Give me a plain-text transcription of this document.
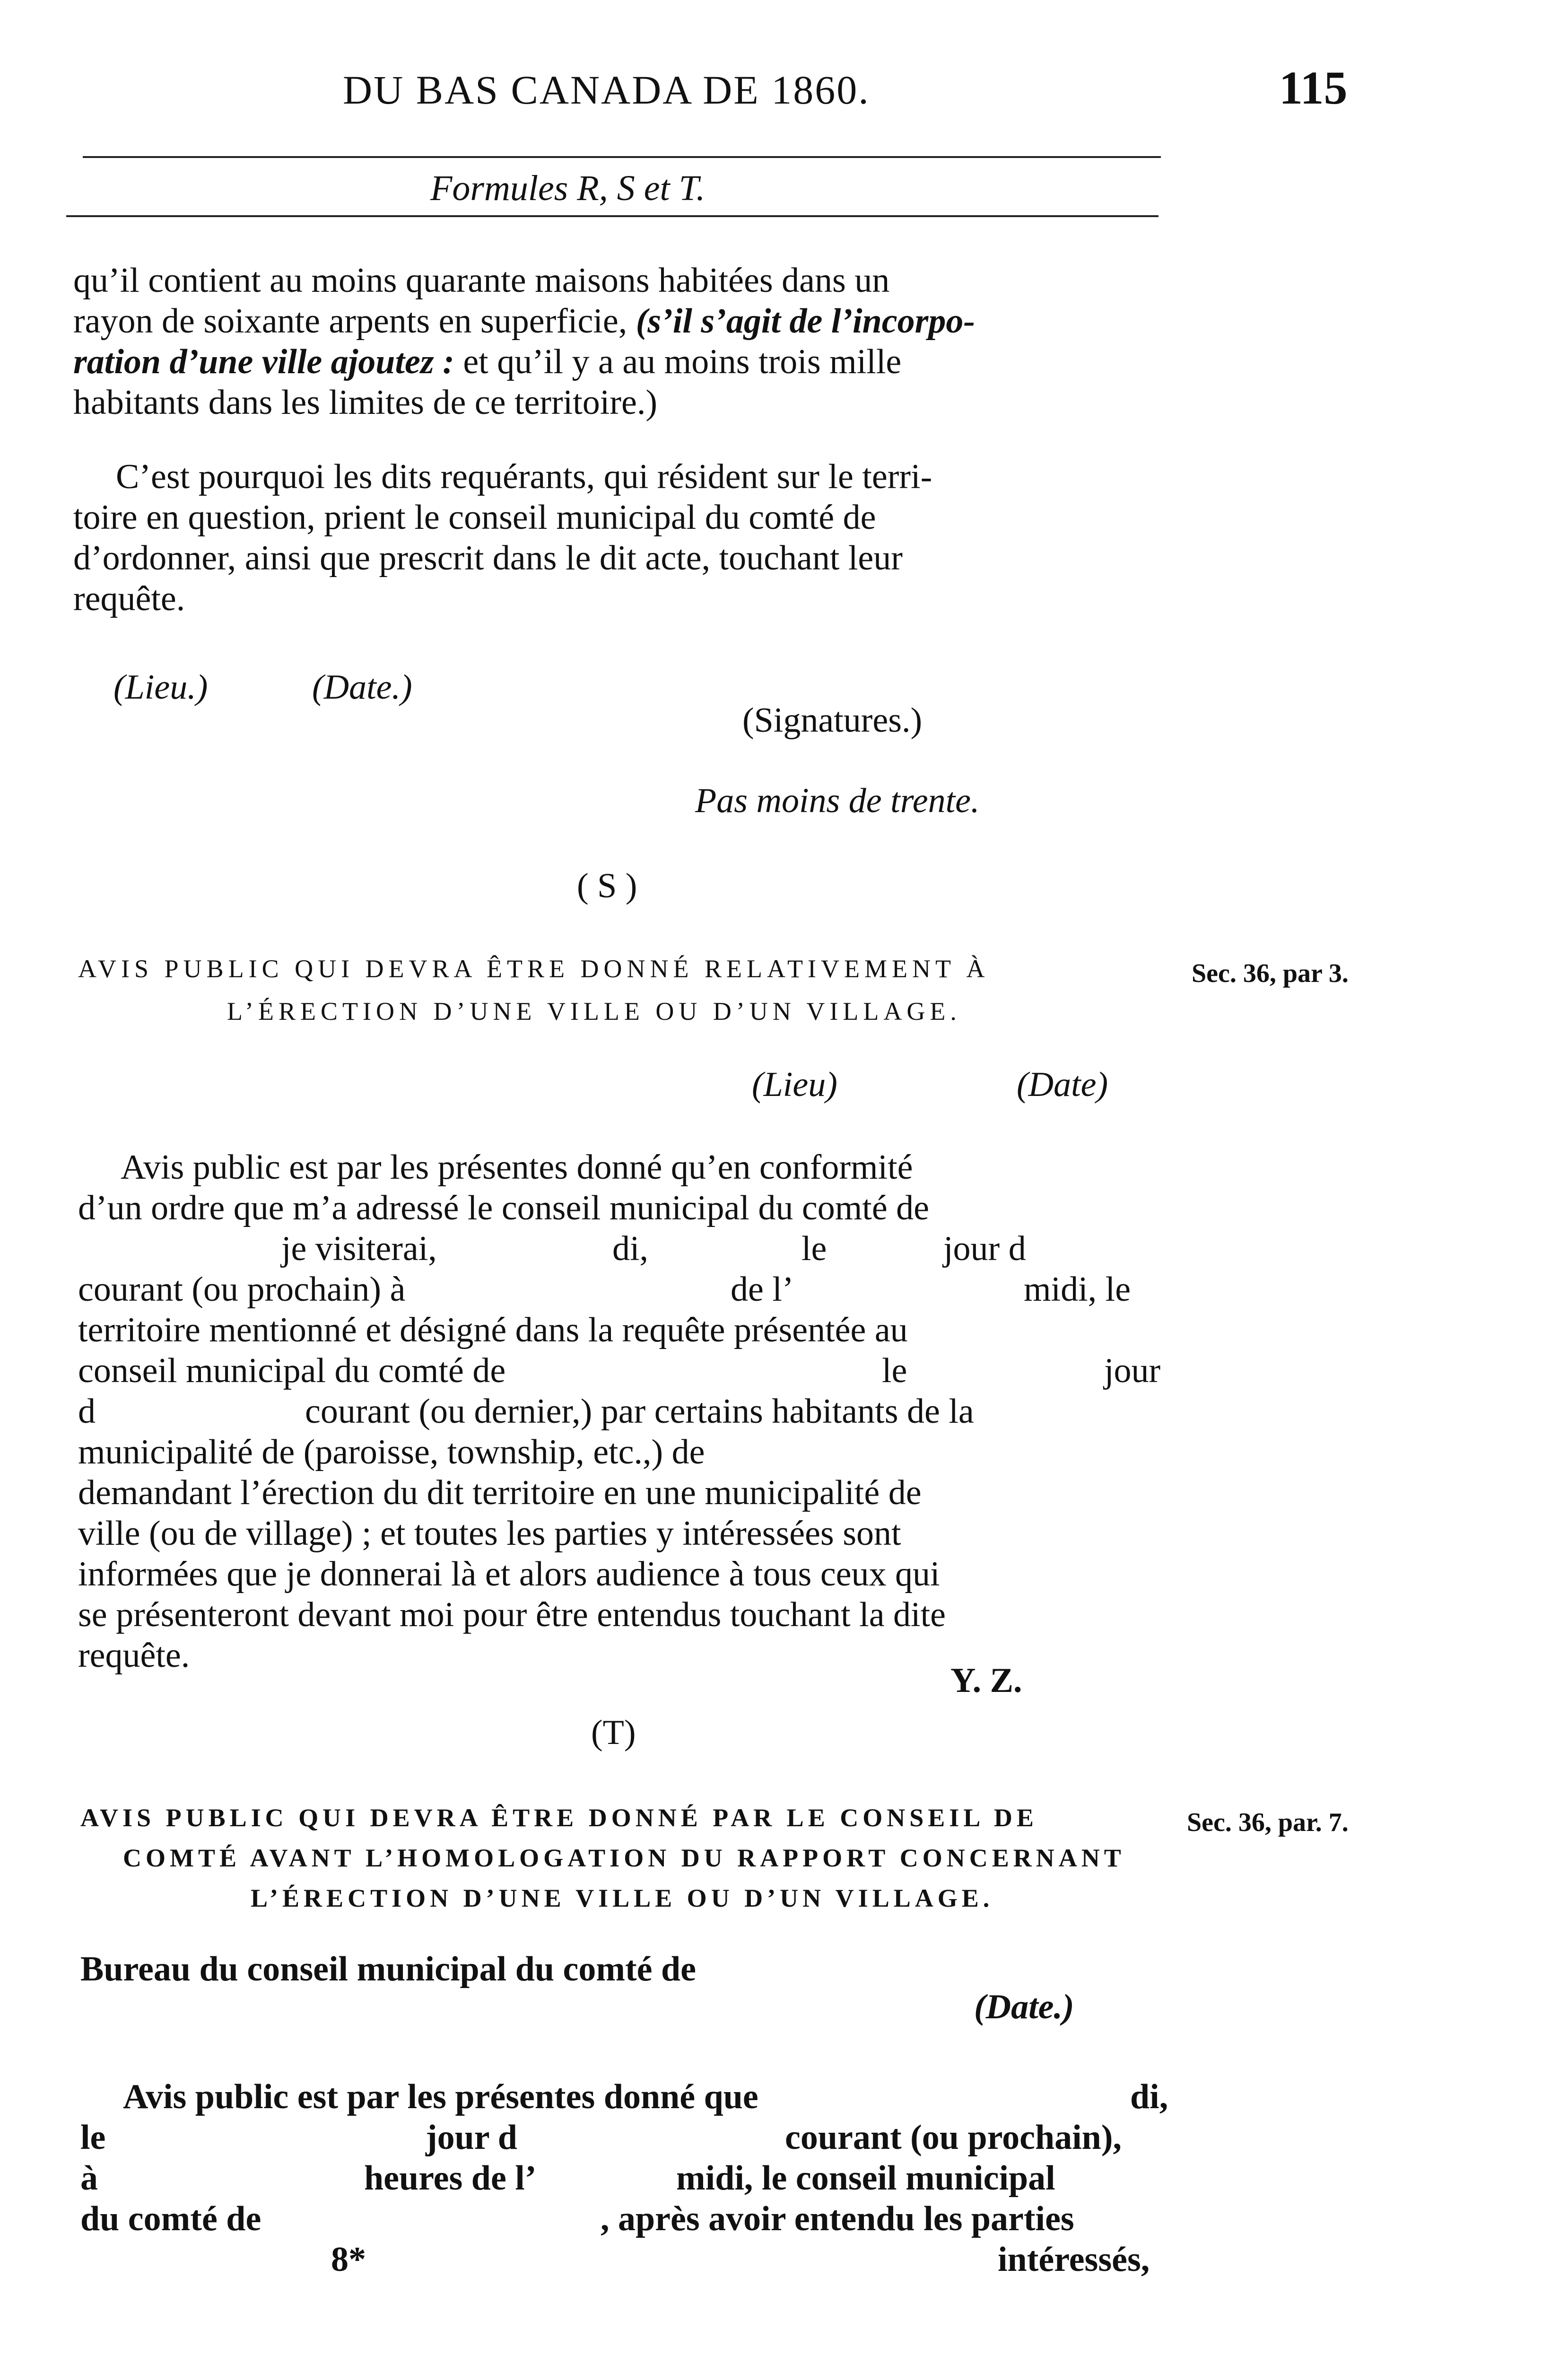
DU BAS CANADA DE 1860.	115
Formules R, S et T.
qu’il contient au moins quarante maisons habitées dans un
rayon de soixante arpents en superficie, (s’il s’agit de l’incorpo-
ration d’une ville ajoutez : et qu’il y a au moins trois mille
habitants dans les limites de ce territoire.)
C’est pourquoi les dits requérants, qui résident sur le terri-
toire en question, prient le conseil municipal du comté de
d’ordonner, ainsi que prescrit dans le dit acte, touchant leur
requête.
(Lieu.)	(Date.)
(Signatures.)
Pas moins de trente.
( S )
AVIS PUBLIC QUI DEVRA ÊTRE DONNÉ RELATIVEMENT À
L’ÉRECTION D’UNE VILLE OU D’UN VILLAGE.
Sec. 36, par 3.
(Lieu)	(Date)
Avis public est par les présentes donné qu’en conformité
d’un ordre que m’a adressé le conseil municipal du comté de
je visiterai,	di,	le	jour d
courant (ou prochain) à	de l’	midi, le
territoire mentionné et désigné dans la requête présentée au
conseil municipal du comté de	le	jour
d	courant (ou dernier,) par certains habitants de la
municipalité de (paroisse, township, etc.,) de
demandant l’érection du dit territoire en une municipalité de
ville (ou de village) ; et toutes les parties y intéressées sont
informées que je donnerai là et alors audience à tous ceux qui
se présenteront devant moi pour être entendus touchant la dite
requête.
Y. Z.
(T)
AVIS PUBLIC QUI DEVRA ÊTRE DONNÉ PAR LE CONSEIL DE
COMTÉ AVANT L’HOMOLOGATION DU RAPPORT CONCERNANT
L’ÉRECTION D’UNE VILLE OU D’UN VILLAGE.
Sec. 36, par. 7.
Bureau du conseil municipal du comté de
(Date.)
Avis public est par les présentes donné que	di,
le	jour d	courant (ou prochain),
à	heures de l’	midi, le conseil municipal
du comté de	, après avoir entendu les parties
8*	intéressés,
